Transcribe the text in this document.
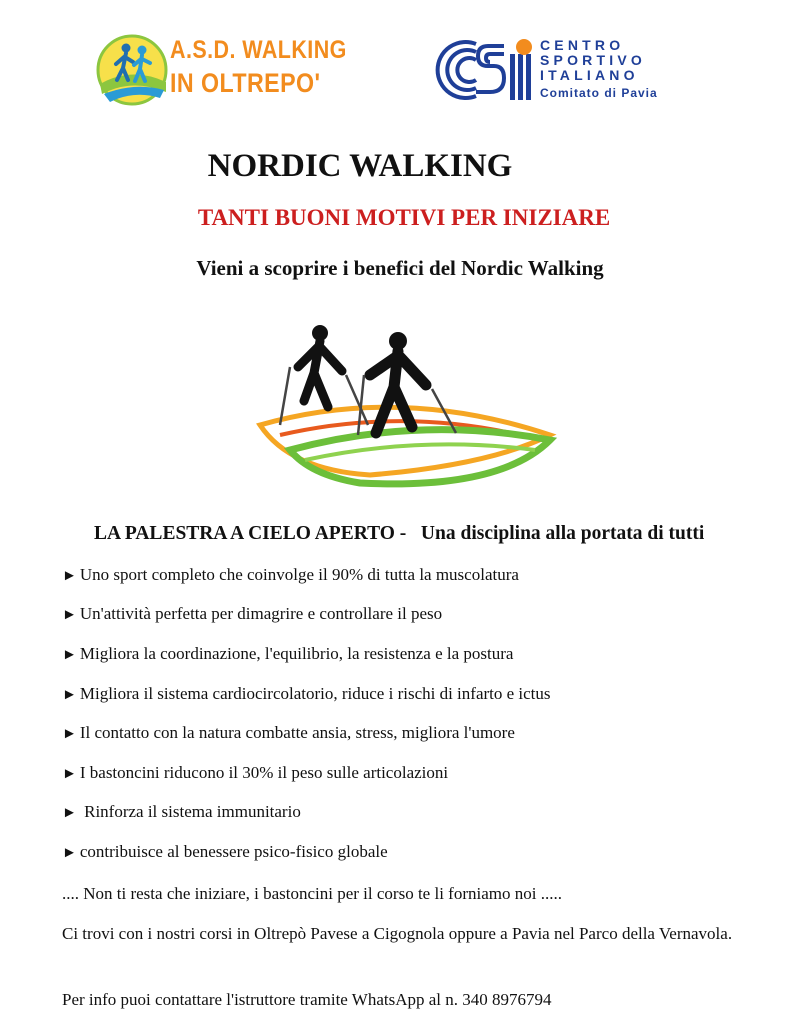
A.S.D. WALKING
IN OLTREPO'
CENTRO
SPORTIVO
ITALIANO
Comitato di Pavia
NORDIC WALKING
TANTI BUONI MOTIVI PER INIZIARE
Vieni a scoprire i benefici del Nordic Walking
LA PALESTRA A CIELO APERTO -   Una disciplina alla portata di tutti
► Uno sport completo che coinvolge il 90% di tutta la muscolatura
► Un'attività perfetta per dimagrire e controllare il peso
► Migliora la coordinazione, l'equilibrio, la resistenza e la postura
► Migliora il sistema cardiocircolatorio, riduce i rischi di infarto e ictus
► Il contatto con la natura combatte ansia, stress, migliora l'umore
► I bastoncini riducono il 30% il peso sulle articolazioni
► Rinforza il sistema immunitario
► contribuisce al benessere psico-fisico globale
.... Non ti resta che iniziare, i bastoncini per il corso te li forniamo noi .....
Ci trovi con i nostri corsi in Oltrepò Pavese a Cigognola oppure a Pavia nel Parco della Vernavola.
Per info puoi contattare l'istruttore tramite WhatsApp al n. 340 8976794
